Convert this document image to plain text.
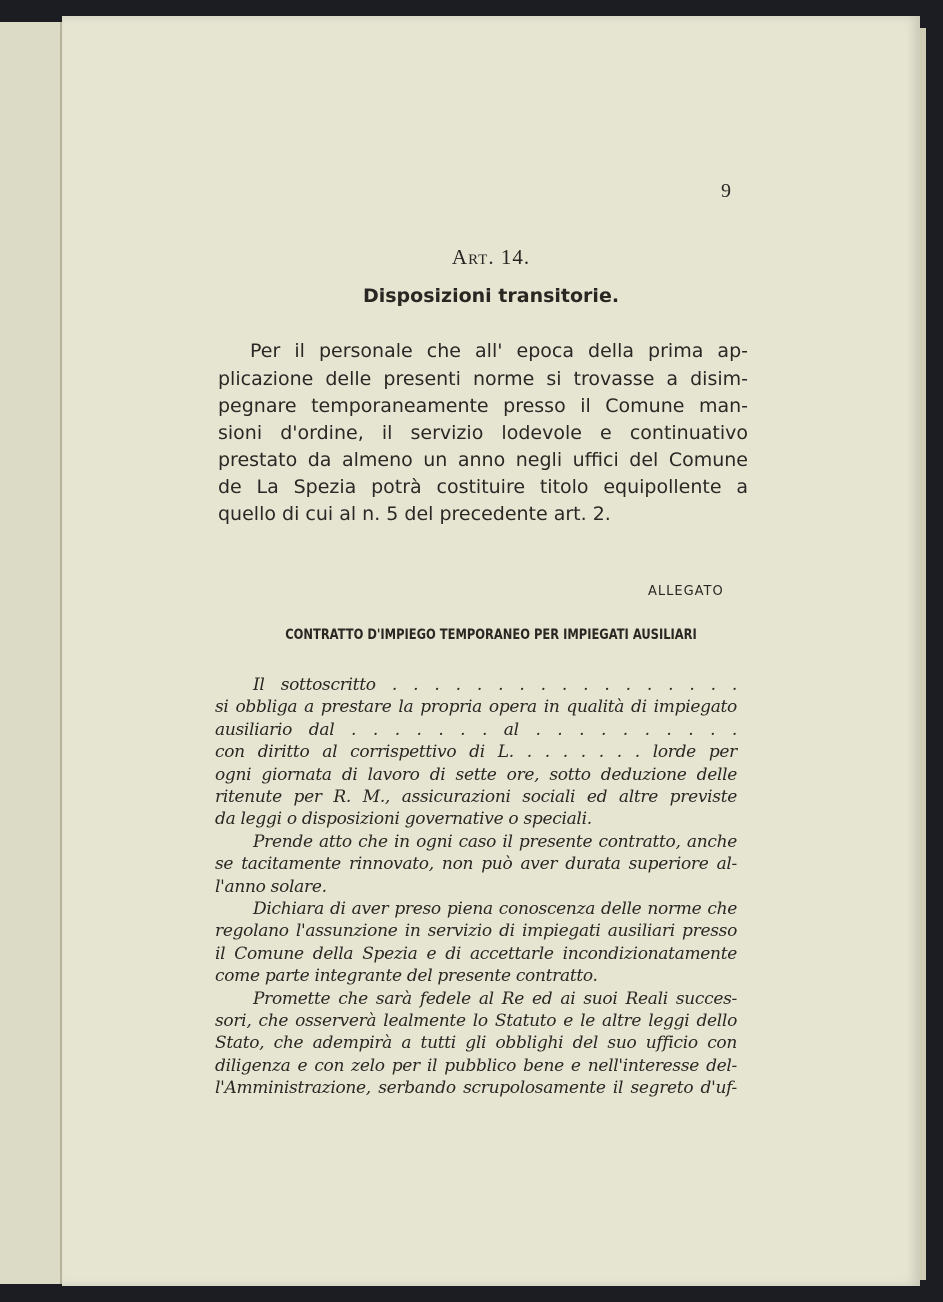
9
Art. 14.
Disposizioni transitorie.
Per il personale che all' epoca della prima ap-
plicazione delle presenti norme si trovasse a disim-
pegnare temporaneamente presso il Comune man-
sioni d'ordine, il servizio lodevole e continuativo
prestato da almeno un anno negli uffici del Comune
de La Spezia potrà costituire titolo equipollente a
quello di cui al n. 5 del precedente art. 2.
ALLEGATO
CONTRATTO D'IMPIEGO TEMPORANEO PER IMPIEGATI AUSILIARI
Il sottoscritto . . . . . . . . . . . . . . . . .
si obbliga a prestare la propria opera in qualità di impiegato
ausiliario dal . . . . . . . al . . . . . . . . . .
con diritto al corrispettivo di L. . . . . . . . lorde per
ogni giornata di lavoro di sette ore, sotto deduzione delle
ritenute per R. M., assicurazioni sociali ed altre previste
da leggi o disposizioni governative o speciali.
Prende atto che in ogni caso il presente contratto, anche
se tacitamente rinnovato, non può aver durata superiore al-
l'anno solare.
Dichiara di aver preso piena conoscenza delle norme che
regolano l'assunzione in servizio di impiegati ausiliari presso
il Comune della Spezia e di accettarle incondizionatamente
come parte integrante del presente contratto.
Promette che sarà fedele al Re ed ai suoi Reali succes-
sori, che osserverà lealmente lo Statuto e le altre leggi dello
Stato, che adempirà a tutti gli obblighi del suo ufficio con
diligenza e con zelo per il pubblico bene e nell'interesse del-
l'Amministrazione, serbando scrupolosamente il segreto d'uf-
